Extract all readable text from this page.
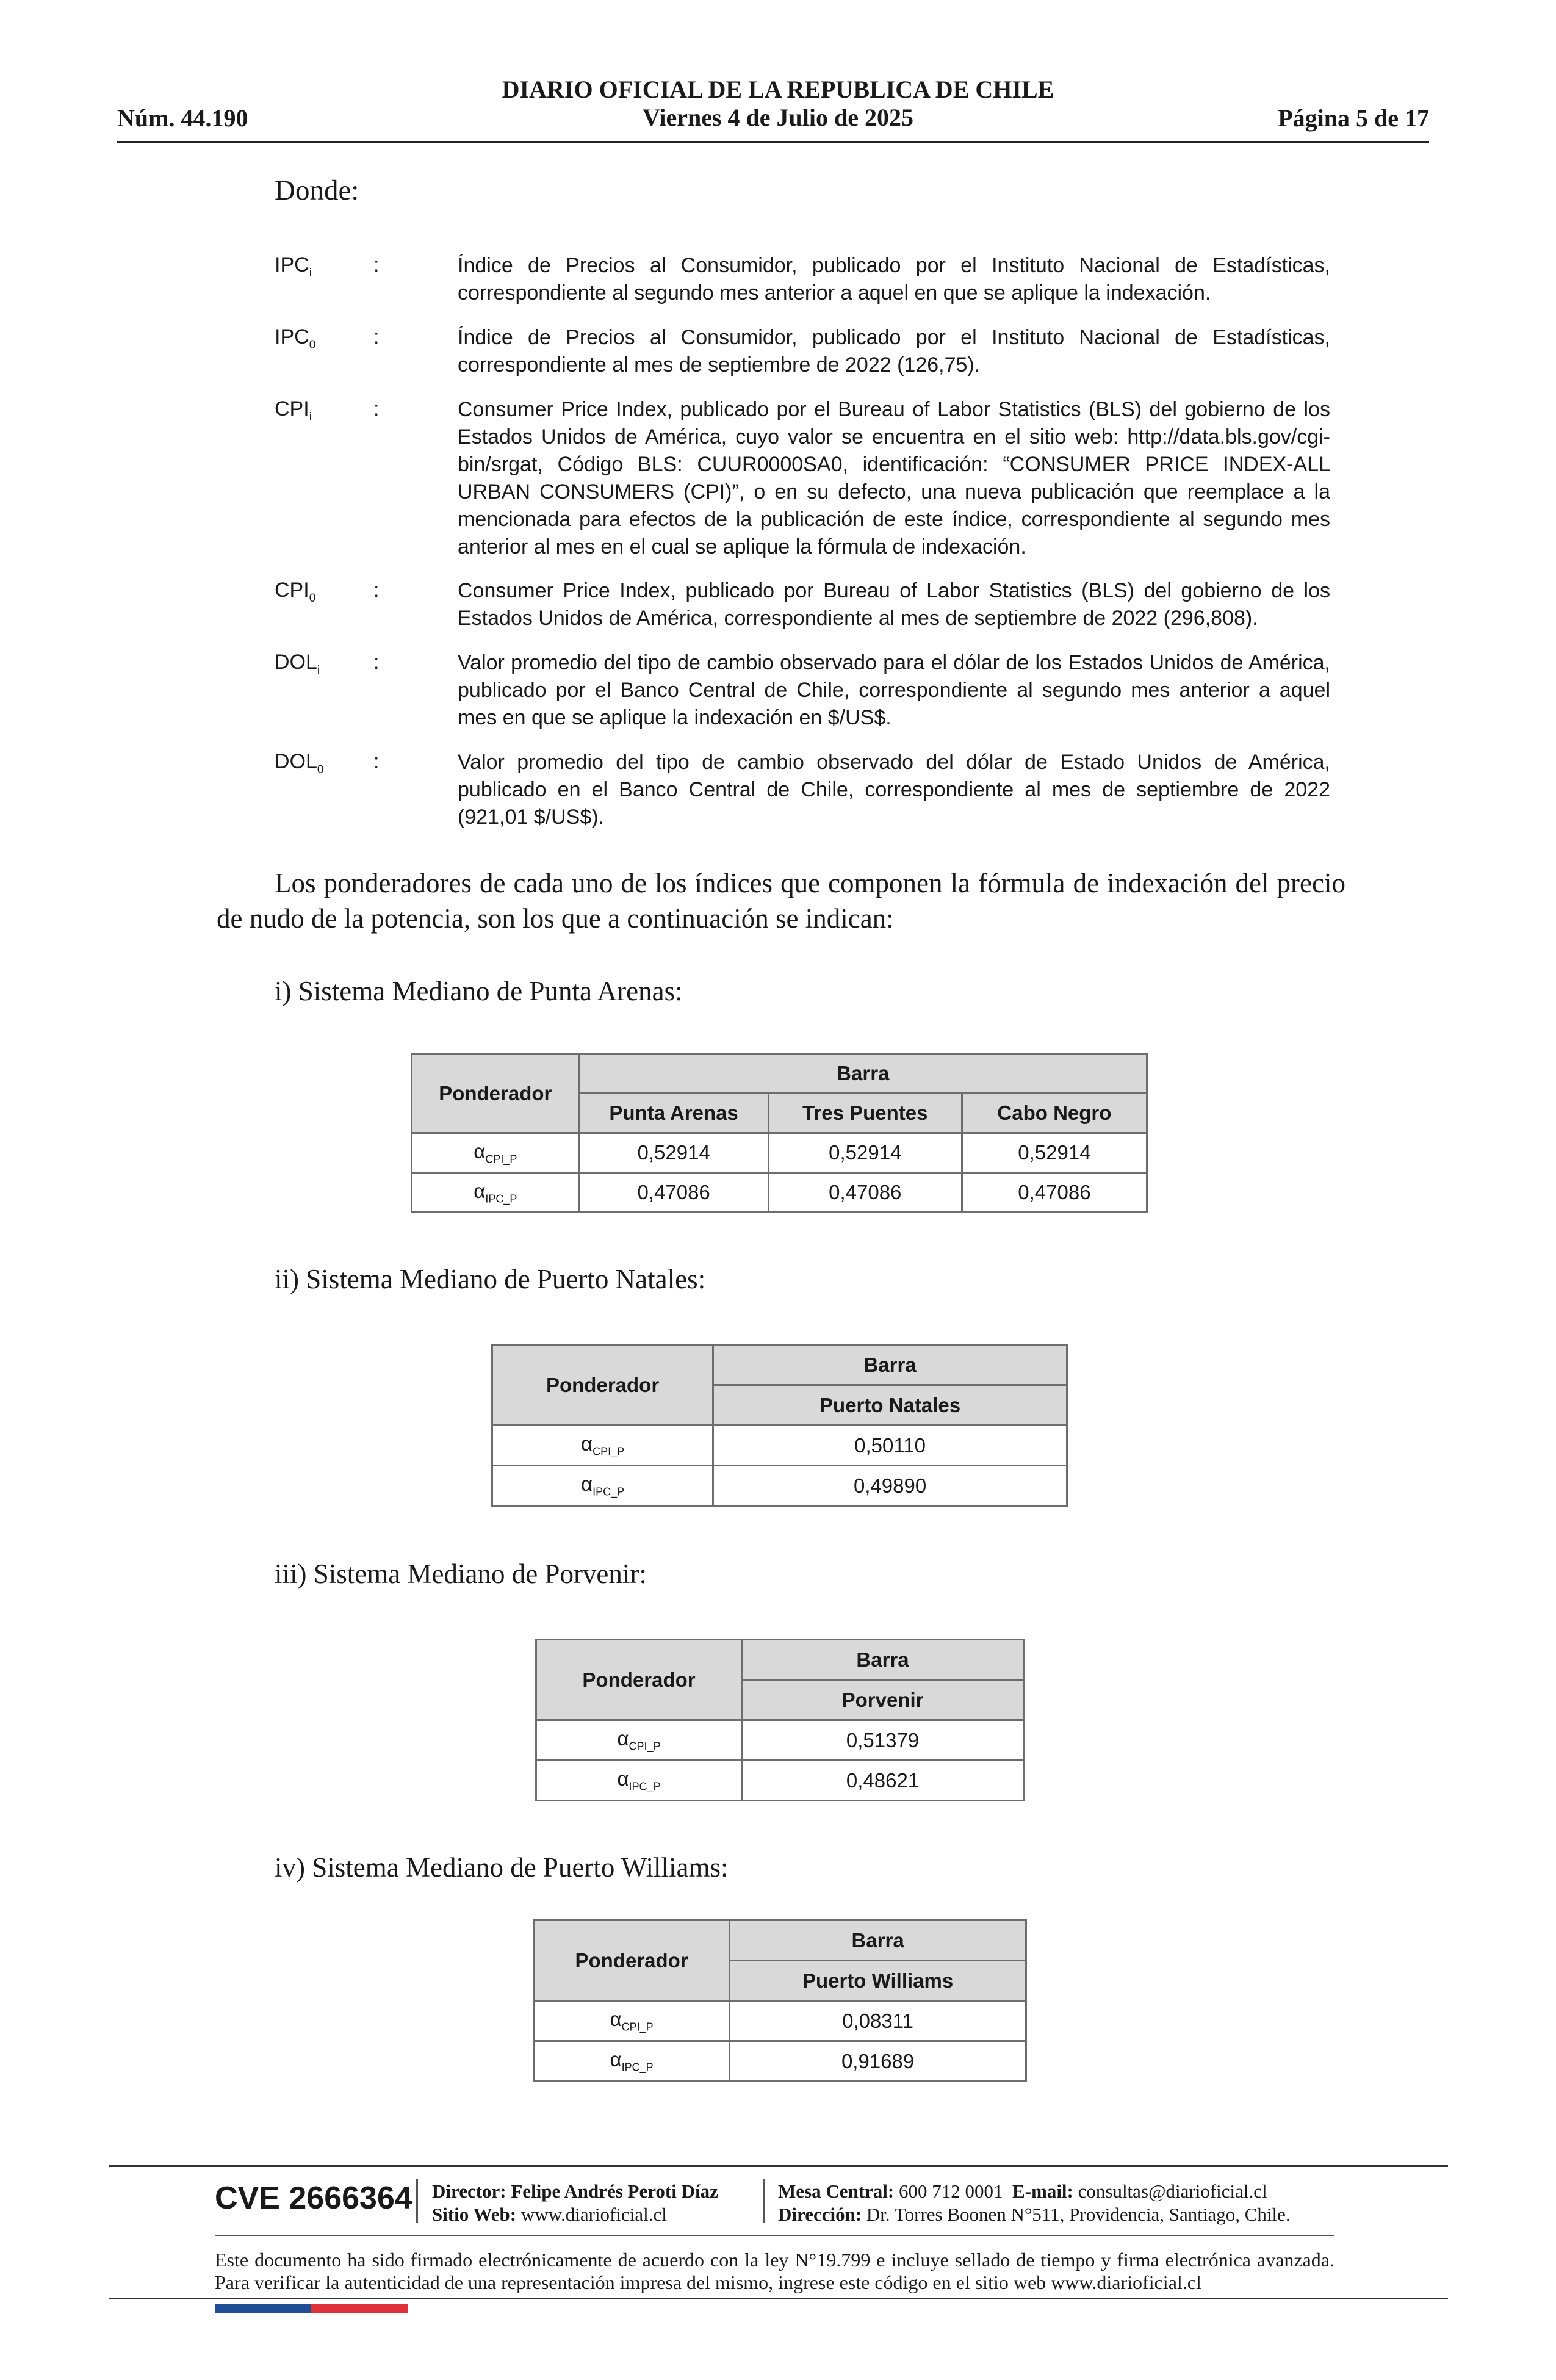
Núm. 44.190
DIARIO OFICIAL DE LA REPUBLICA DE CHILE
Viernes 4 de Julio de 2025	Página 5 de 17
Donde:
$IPC_i$	:	Índice de Precios al Consumidor, publicado por el Instituto Nacional de Estadísticas, correspondiente al segundo mes anterior a aquel en que se aplique la indexación.
$IPC_0$	:	Índice de Precios al Consumidor, publicado por el Instituto Nacional de Estadísticas, correspondiente al mes de septiembre de 2022 (126,75).
$CPI_i$	:	Consumer Price Index, publicado por el Bureau of Labor Statistics (BLS) del gobierno de los Estados Unidos de América, cuyo valor se encuentra en el sitio web: http://data.bls.gov/cgi-bin/srgat, Código BLS: CUUR0000SA0, identificación: “CONSUMER PRICE INDEX-ALL URBAN CONSUMERS (CPI)”, o en su defecto, una nueva publicación que reemplace a la mencionada para efectos de la publicación de este índice, correspondiente al segundo mes anterior al mes en el cual se aplique la fórmula de indexación.
$CPI_0$	:	Consumer Price Index, publicado por Bureau of Labor Statistics (BLS) del gobierno de los Estados Unidos de América, correspondiente al mes de septiembre de 2022 (296,808).
$DOL_i$	:	Valor promedio del tipo de cambio observado para el dólar de los Estados Unidos de América, publicado por el Banco Central de Chile, correspondiente al segundo mes anterior a aquel mes en que se aplique la indexación en $/US$.
$DOL_0$ :	Valor promedio del tipo de cambio observado del dólar de Estado Unidos de América, publicado en el Banco Central de Chile, correspondiente al mes de septiembre de 2022 (921,01 $/US$).
Los ponderadores de cada uno de los índices que componen la fórmula de indexación del precio de nudo de la potencia, son los que a continuación se indican:
i) Sistema Mediano de Punta Arenas:
Ponderador	Barra		
	Punta Arenas	Tres Puentes	Cabo Negro
$\alpha_{CPI\_P}$	0,52914	0,52914	0,52914
$\alpha_{IPC\_P}$	0,47086	0,47086	0,47086
ii) Sistema Mediano de Puerto Natales:
Ponderador	Barra
	Puerto Natales
$\alpha_{CPI\_P}$	0,50110
$\alpha_{IPC\_P}$	0,49890
iii) Sistema Mediano de Porvenir:
Ponderador	Barra
	Porvenir
$\alpha_{CPI\_P}$	0,51379
$\alpha_{IPC\_P}$	0,48621
iv) Sistema Mediano de Puerto Williams:
Ponderador	Barra
	Puerto Williams
$\alpha_{CPI\_P}$	0,08311
$\alpha_{IPC\_P}$	0,91689
CVE 2666364 Director: Felipe Andrés Peroti Díaz
Sitio Web: www.diarioficial.cl
Mesa Central: 600 712 0001 E-mail: consultas@diarioficial.cl
Dirección: Dr. Torres Boonen N°511, Providencia, Santiago, Chile.
Este documento ha sido firmado electrónicamente de acuerdo con la ley N°19.799 e incluye sellado de tiempo y firma electrónica avanzada. Para verificar la autenticidad de una representación impresa del mismo, ingrese este código en el sitio web www.diarioficial.cl
